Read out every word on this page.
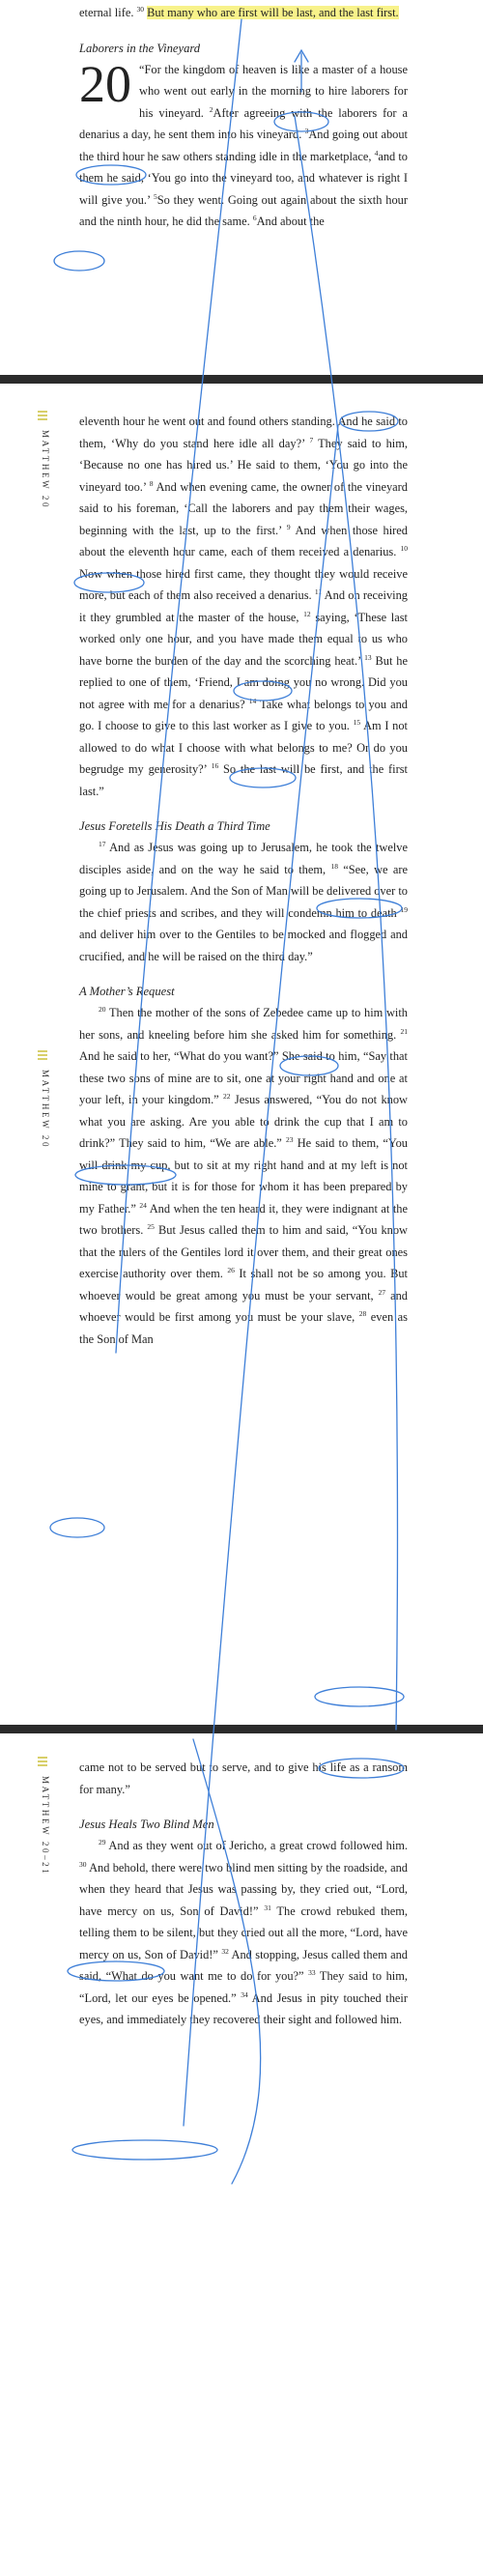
eternal life. $^{30}$ But many who are first will be last, and the last first.

Laborers in the Vineyard

20 “For the kingdom of heaven is like a master of a house who went out early in the morning to hire laborers for his vineyard. $^2$After agreeing with the laborers for a denarius a day, he sent them into his vineyard. $^3$And going out about the third hour he saw others standing idle in the marketplace, $^4$and to them he said, ‘You go into the vineyard too, and whatever is right I will give you.’ $^5$So they went. Going out again about the sixth hour and the ninth hour, he did the same. $^6$And about the

MATTHEW 20
MATTHEW 20

eleventh hour he went out and found others standing. And he said to them, ‘Why do you stand here idle all day?’ $^7$ They said to him, ‘Because no one has hired us.’ He said to them, ‘You go into the vineyard too.’ $^8$ And when evening came, the owner of the vineyard said to his foreman, ‘Call the laborers and pay them their wages, beginning with the last, up to the first.’ $^9$ And when those hired about the eleventh hour came, each of them received a denarius. $^{10}$ Now when those hired first came, they thought they would receive more, but each of them also received a denarius. $^{11}$ And on receiving it they grumbled at the master of the house, $^{12}$ saying, ‘These last worked only one hour, and you have made them equal to us who have borne the burden of the day and the scorching heat.’ $^{13}$ But he replied to one of them, ‘Friend, I am doing you no wrong. Did you not agree with me for a denarius? $^{14}$ Take what belongs to you and go. I choose to give to this last worker as I give to you. $^{15}$ Am I not allowed to do what I choose with what belongs to me? Or do you begrudge my generosity?’ $^{16}$ So the last will be first, and the first last.”

Jesus Foretells His Death a Third Time

$^{17}$ And as Jesus was going up to Jerusalem, he took the twelve disciples aside, and on the way he said to them, $^{18}$ “See, we are going up to Jerusalem. And the Son of Man will be delivered over to the chief priests and scribes, and they will condemn him to death $^{19}$ and deliver him over to the Gentiles to be mocked and flogged and crucified, and he will be raised on the third day.”

A Mother’s Request

$^{20}$ Then the mother of the sons of Zebedee came up to him with her sons, and kneeling before him she asked him for something. $^{21}$ And he said to her, “What do you want?” She said to him, “Say that these two sons of mine are to sit, one at your right hand and one at your left, in your kingdom.” $^{22}$ Jesus answered, “You do not know what you are asking. Are you able to drink the cup that I am to drink?” They said to him, “We are able.” $^{23}$ He said to them, “You will drink my cup, but to sit at my right hand and at my left is not mine to grant, but it is for those for whom it has been prepared by my Father.” $^{24}$ And when the ten heard it, they were indignant at the two brothers. $^{25}$ But Jesus called them to him and said, “You know that the rulers of the Gentiles lord it over them, and their great ones exercise authority over them. $^{26}$ It shall not be so among you. But whoever would be great among you must be your servant, $^{27}$ and whoever would be first among you must be your slave, $^{28}$ even as the Son of Man

MATTHEW 20–21

came not to be served but to serve, and to give his life as a ransom for many.”

Jesus Heals Two Blind Men

$^{29}$ And as they went out of Jericho, a great crowd followed him. $^{30}$ And behold, there were two blind men sitting by the roadside, and when they heard that Jesus was passing by, they cried out, “Lord, have mercy on us, Son of David!” $^{31}$ The crowd rebuked them, telling them to be silent, but they cried out all the more, “Lord, have mercy on us, Son of David!” $^{32}$ And stopping, Jesus called them and said, “What do you want me to do for you?” $^{33}$ They said to him, “Lord, let our eyes be opened.” $^{34}$ And Jesus in pity touched their eyes, and immediately they recovered their sight and followed him.
